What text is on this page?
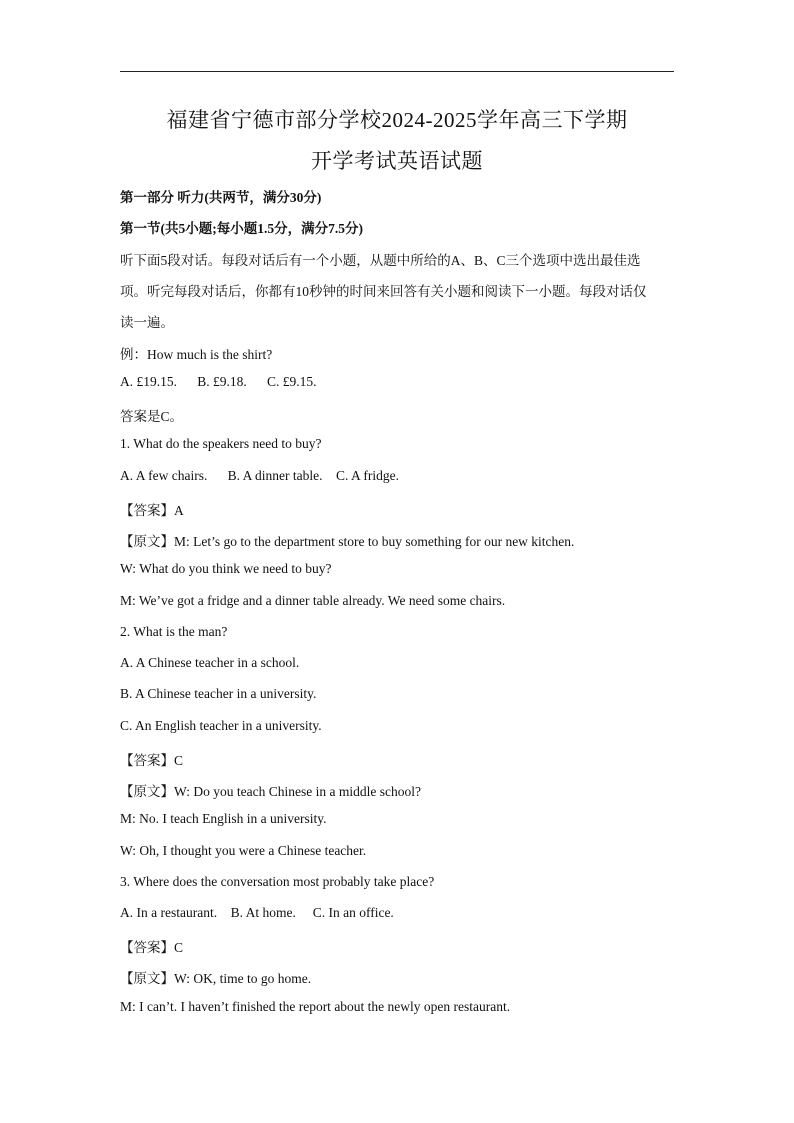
福建省宁德市部分学校2024-2025学年高三下学期
开学考试英语试题
第一部分 听力(共两节，满分30分)
第一节(共5小题;每小题1.5分，满分7.5分)
听下面5段对话。每段对话后有一个小题，从题中所给的A、B、C三个选项中选出最佳选
项。听完每段对话后，你都有10秒钟的时间来回答有关小题和阅读下一小题。每段对话仅
读一遍。
例：How much is the shirt?
A. £19.15.      B. £9.18.      C. £9.15.
答案是C。
1. What do the speakers need to buy?
A. A few chairs.      B. A dinner table.    C. A fridge.
【答案】A
【原文】M: Let’s go to the department store to buy something for our new kitchen.
W: What do you think we need to buy?
M: We’ve got a fridge and a dinner table already. We need some chairs.
2. What is the man?
A. A Chinese teacher in a school.
B. A Chinese teacher in a university.
C. An English teacher in a university.
【答案】C
【原文】W: Do you teach Chinese in a middle school?
M: No. I teach English in a university.
W: Oh, I thought you were a Chinese teacher.
3. Where does the conversation most probably take place?
A. In a restaurant.    B. At home.     C. In an office.
【答案】C
【原文】W: OK, time to go home.
M: I can’t. I haven’t finished the report about the newly open restaurant.
